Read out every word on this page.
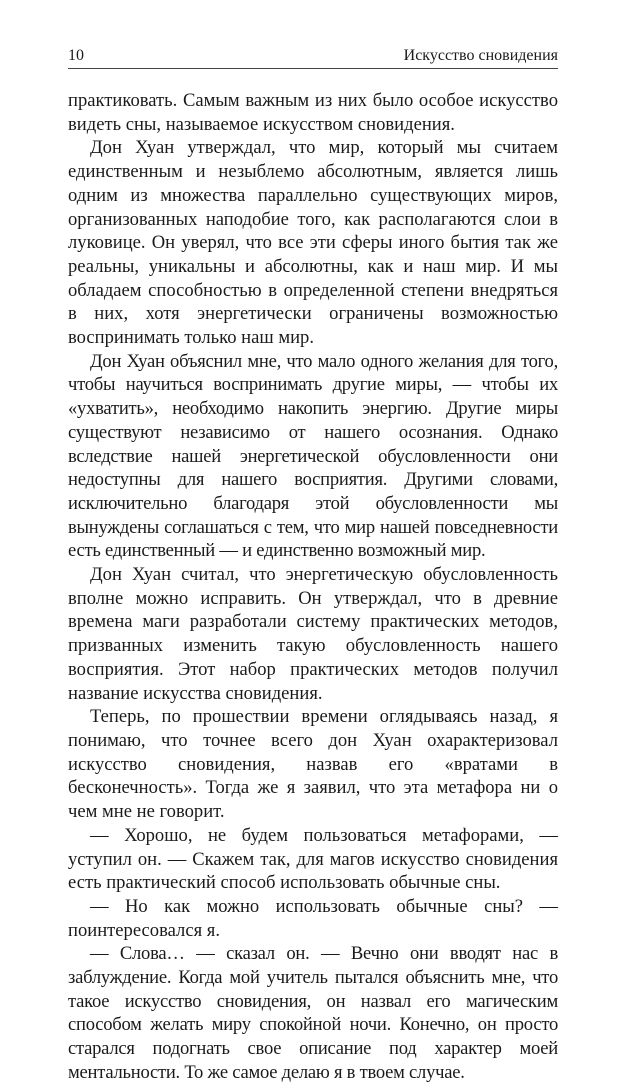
10	Искусство сновидения

практиковать. Самым важным из них было особое искусство видеть сны, называемое искусством сновидения.

Дон Хуан утверждал, что мир, который мы считаем единственным и незыблемо абсолютным, является лишь одним из множества параллельно существующих миров, организованных наподобие того, как располагаются слои в луковице. Он уверял, что все эти сферы иного бытия так же реальны, уникальны и абсолютны, как и наш мир. И мы обладаем способностью в определенной степени внедряться в них, хотя энергетически ограничены возможностью воспринимать только наш мир.

Дон Хуан объяснил мне, что мало одного желания для того, чтобы научиться воспринимать другие миры, — чтобы их «ухватить», необходимо накопить энергию. Другие миры существуют независимо от нашего осознания. Однако вследствие нашей энергетической обусловленности они недоступны для нашего восприятия. Другими словами, исключительно благодаря этой обусловленности мы вынуждены соглашаться с тем, что мир нашей повседневности есть единственный — и единственно возможный мир.

Дон Хуан считал, что энергетическую обусловленность вполне можно исправить. Он утверждал, что в древние времена маги разработали систему практических методов, призванных изменить такую обусловленность нашего восприятия. Этот набор практических методов получил название искусства сновидения.

Теперь, по прошествии времени оглядываясь назад, я понимаю, что точнее всего дон Хуан охарактеризовал искусство сновидения, назвав его «вратами в бесконечность». Тогда же я заявил, что эта метафора ни о чем мне не говорит.

— Хорошо, не будем пользоваться метафорами, — уступил он. — Скажем так, для магов искусство сновидения есть практический способ использовать обычные сны.

— Но как можно использовать обычные сны? — поинтересовался я.

— Слова… — сказал он. — Вечно они вводят нас в заблуждение. Когда мой учитель пытался объяснить мне, что такое искусство сновидения, он назвал его магическим способом желать миру спокойной ночи. Конечно, он просто старался подогнать свое описание под характер моей ментальности. То же самое делаю я в твоем случае.
